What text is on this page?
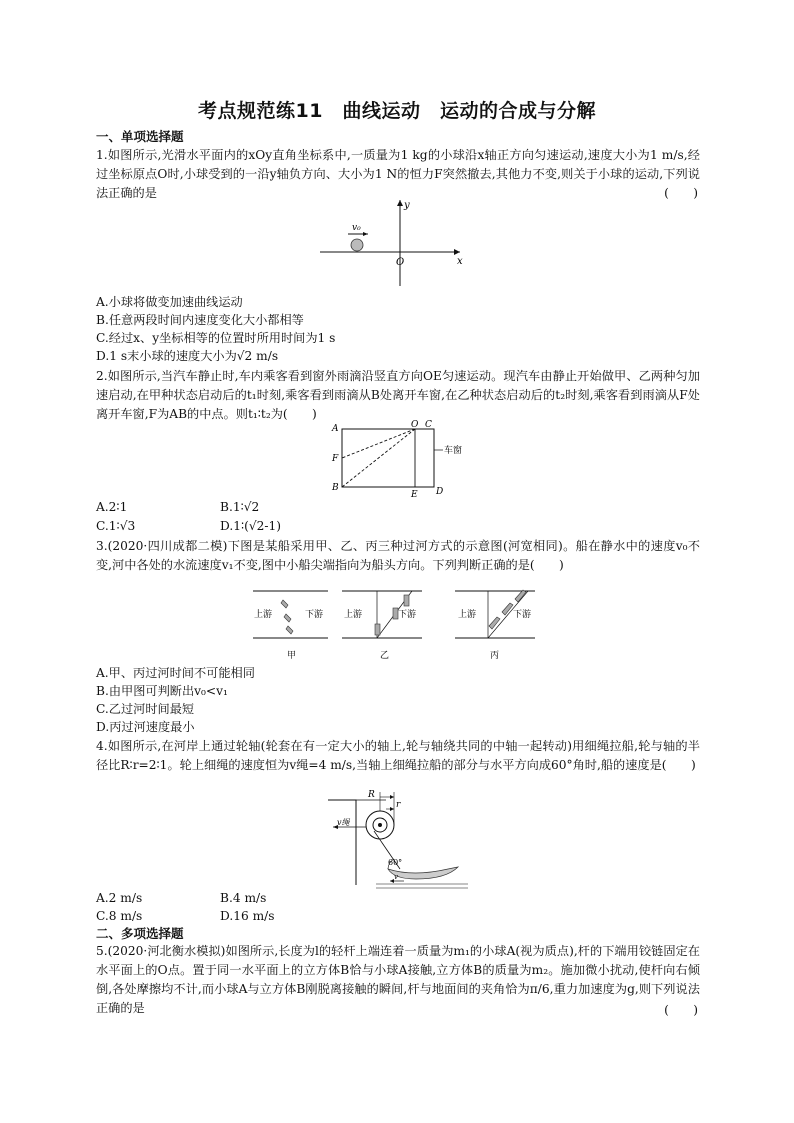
考点规范练11　曲线运动　运动的合成与分解
一、单项选择题
1.如图所示,光滑水平面内的xOy直角坐标系中,一质量为1 kg的小球沿x轴正方向匀速运动,速度大小为1 m/s,经过坐标原点O时,小球受到的一沿y轴负方向、大小为1 N的恒力F突然撤去,其他力不变,则关于小球的运动,下列说法正确的是	(　　)
v₀
y
x
O
A.小球将做变加速曲线运动
B.任意两段时间内速度变化大小都相等
C.经过x、y坐标相等的位置时所用时间为1 s
D.1 s末小球的速度大小为√2 m/s
2.如图所示,当汽车静止时,车内乘客看到窗外雨滴沿竖直方向OE匀速运动。现汽车由静止开始做甲、乙两种匀加速启动,在甲种状态启动后的t₁时刻,乘客看到雨滴从B处离开车窗,在乙种状态启动后的t₂时刻,乘客看到雨滴从F处离开车窗,F为AB的中点。则t₁∶t₂为(　　)
A	O C
F
B
E D
车窗
A.2∶1	B.1∶√2
C.1∶√3	D.1∶(√2-1)
3.(2020·四川成都二模)下图是某船采用甲、乙、丙三种过河方式的示意图(河宽相同)。船在静水中的速度v₀不变,河中各处的水流速度v₁不变,图中小船尖端指向为船头方向。下列判断正确的是(　　)
上游	下游
甲
上游	下游
乙
上游	下游
丙
A.甲、丙过河时间不可能相同
B.由甲图可判断出v₀<v₁
C.乙过河时间最短
D.丙过河速度最小
4.如图所示,在河岸上通过轮轴(轮套在有一定大小的轴上,轮与轴绕共同的中轴一起转动)用细绳拉船,轮与轴的半径比R∶r=2∶1。轮上细绳的速度恒为v绳=4 m/s,当轴上细绳拉船的部分与水平方向成60°角时,船的速度是(　　)
R
r
v绳
60°
v
A.2 m/s	B.4 m/s
C.8 m/s	D.16 m/s
二、多项选择题
5.(2020·河北衡水模拟)如图所示,长度为l的轻杆上端连着一质量为m₁的小球A(视为质点),杆的下端用铰链固定在水平面上的O点。置于同一水平面上的立方体B恰与小球A接触,立方体B的质量为m₂。施加微小扰动,使杆向右倾倒,各处摩擦均不计,而小球A与立方体B刚脱离接触的瞬间,杆与地面间的夹角恰为π/6,重力加速度为g,则下列说法正确的是	(　　)
